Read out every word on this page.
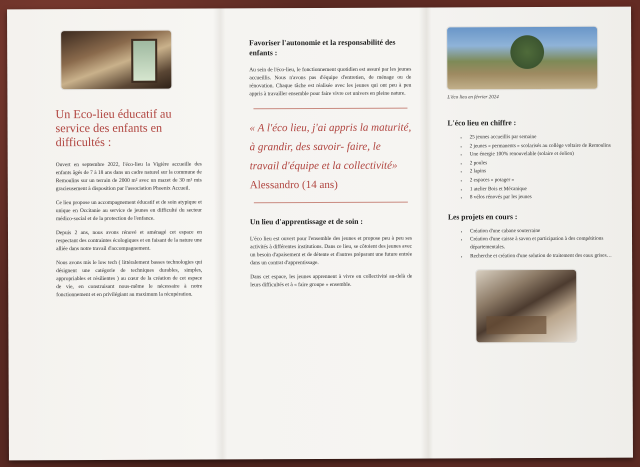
Un Eco-lieu éducatif au service des enfants en difficultés :

Ouvert en septembre 2022, l'éco-lieu la Vigière accueille des enfants âgés de 7 à 18 ans dans un cadre naturel sur la commune de Remoulins sur un terrain de 2000 m² avec un mazet de 30 m² mis gracieusement à disposition par l'association Phoenix Accueil.

Ce lieu propose un accompagnement éducatif et de soin atypique et unique en Occitanie au service de jeunes en difficulté du secteur médico-social et de la protection de l'enfance.

Depuis 2 ans, nous avons rénové et aménagé cet espace en respectant des contraintes écologiques et en faisant de la nature une alliée dans notre travail d'accompagnement.

Nous avons mis le low tech ( littéralement basses technologies qui désignent une catégorie de techniques durables, simples, appropriables et résilientes ) au cœur de la création de cet espace de vie, en construisant nous-même le nécessaire à notre fonctionnement et en privilégiant au maximum la récupération.

Favoriser l'autonomie et la responsabilité des enfants :

Au sein de l'éco-lieu, le fonctionnement quotidien est assuré par les jeunes accueillis. Nous n'avons pas d'équipe d'entretien, de ménage ou de rénovation. Chaque tâche est réalisée avec les jeunes qui ont peu à peu appris à travailler ensemble pour faire vivre cet univers en pleine nature.

« A l'éco lieu, j'ai appris la maturité, à grandir, des savoir- faire, le travail d'équipe et la collectivité»
Alessandro (14 ans)
Un lieu d'apprentissage et de soin :

L'éco lieu est ouvert pour l'ensemble des jeunes et propose peu à peu ses activités à différentes institutions. Dans ce lieu, se côtoient des jeunes avec un besoin d'apaisement et de détente et d'autres préparant une future entrée dans un contrat d'apprentissage.

Dans cet espace, les jeunes apprennent à vivre en collectivité au-delà de leurs difficultés et à « faire groupe » ensemble.

L'éco lieu en février 2024
L'éco lieu en chiffre :
• 25 jeunes accueillis par semaine
• 2 jeunes « permanents » scolarisés au collège voltaire de Remoulins
• Une énergie 100% renouvelable (solaire et éolien)
• 2 poules
• 2 lapins
• 2 espaces « potager »
• 1 atelier Bois et Mécanique
• 8 vélos rénovés par les jeunes
Les projets en cours :
• Création d'une cabane souterraine
• Création d'une caisse à savon et participation à des compétitions départementales.
• Recherche et création d'une solution de traitement des eaux grises…
